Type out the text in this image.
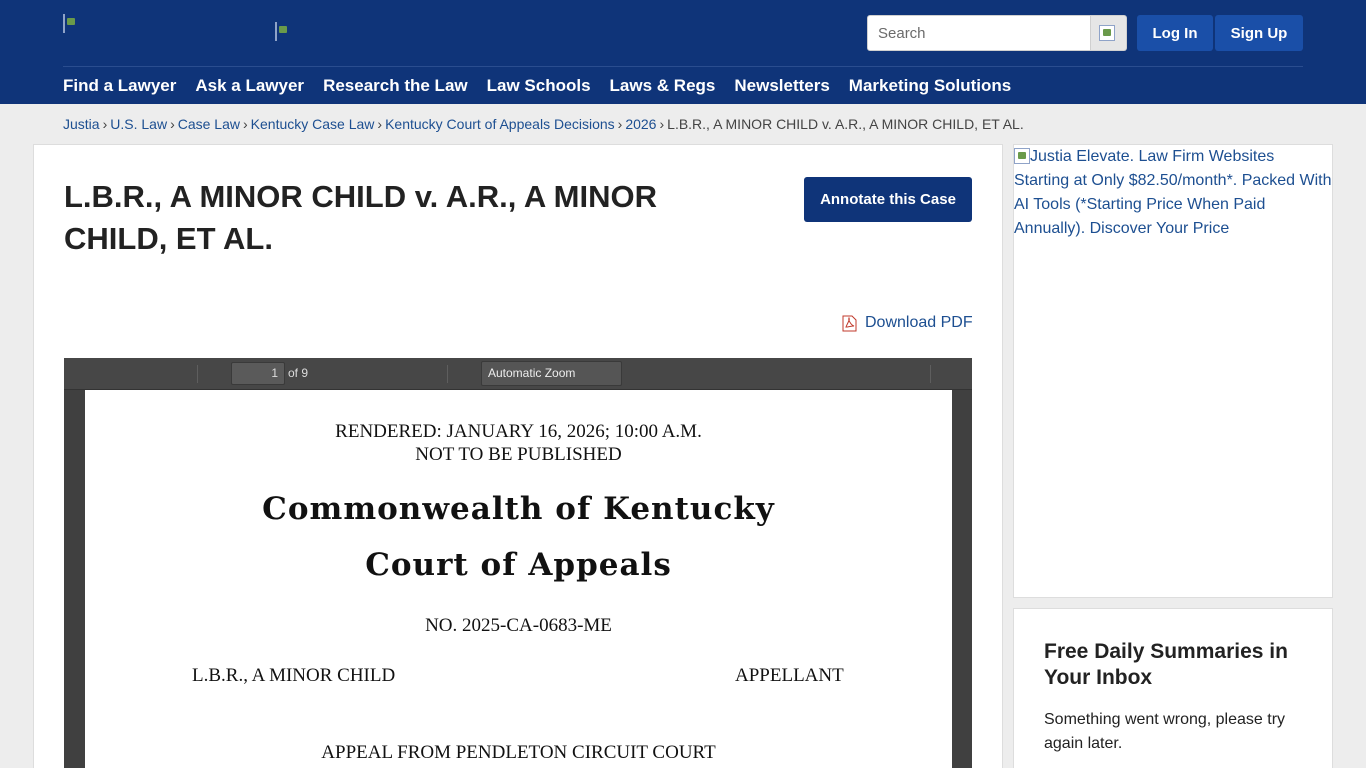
Search
Log In	Sign Up
Find a Lawyer Ask a Lawyer Research the Law Law Schools Laws & Regs Newsletters Marketing Solutions
Justia › U.S. Law › Case Law › Kentucky Case Law › Kentucky Court of Appeals Decisions › 2026 › L.B.R., A MINOR CHILD v. A.R., A MINOR CHILD, ET AL.
L.B.R., A MINOR CHILD v. A.R., A MINOR CHILD, ET AL.
Annotate this Case
Download PDF
1 of 9	Automatic Zoom
RENDERED: JANUARY 16, 2026; 10:00 A.M.
NOT TO BE PUBLISHED
Commonwealth of Kentucky
Court of Appeals
NO. 2025-CA-0683-ME
L.B.R., A MINOR CHILD	APPELLANT
APPEAL FROM PENDLETON CIRCUIT COURT
Justia Elevate. Law Firm Websites Starting at Only $82.50/month*. Packed With AI Tools (*Starting Price When Paid Annually). Discover Your Price
Free Daily Summaries in Your Inbox
Something went wrong, please try again later.
